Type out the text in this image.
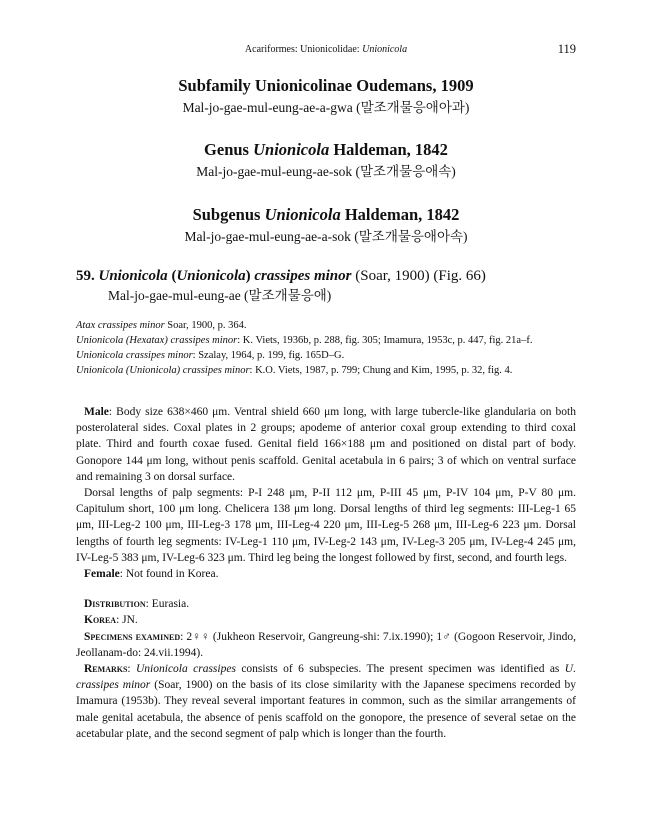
Acariformes: Unionicolidae: Unionicola	119
Subfamily Unionicolinae Oudemans, 1909
Mal-jo-gae-mul-eung-ae-a-gwa (말조개물응애아과)
Genus Unionicola Haldeman, 1842
Mal-jo-gae-mul-eung-ae-sok (말조개물응애속)
Subgenus Unionicola Haldeman, 1842
Mal-jo-gae-mul-eung-ae-a-sok (말조개물응애아속)
59. Unionicola (Unionicola) crassipes minor (Soar, 1900) (Fig. 66)
Mal-jo-gae-mul-eung-ae (말조개물응애)
Atax crassipes minor Soar, 1900, p. 364.
Unionicola (Hexatax) crassipes minor: K. Viets, 1936b, p. 288, fig. 305; Imamura, 1953c, p. 447, fig. 21a–f.
Unionicola crassipes minor: Szalay, 1964, p. 199, fig. 165D–G.
Unionicola (Unionicola) crassipes minor: K.O. Viets, 1987, p. 799; Chung and Kim, 1995, p. 32, fig. 4.

Male: Body size 638×460 μm. Ventral shield 660 μm long, with large tubercle-like glandularia on both posterolateral sides. Coxal plates in 2 groups; apodeme of anterior coxal group extending to third coxal plate. Third and fourth coxae fused. Genital field 166×188 μm and positioned on distal part of body. Gonopore 144 μm long, without penis scaffold. Genital acetabula in 6 pairs; 3 of which on ventral surface and remaining 3 on dorsal surface.

Dorsal lengths of palp segments: P-I 248 μm, P-II 112 μm, P-III 45 μm, P-IV 104 μm, P-V 80 μm. Capitulum short, 100 μm long. Chelicera 138 μm long. Dorsal lengths of third leg segments: III-Leg-1 65 μm, III-Leg-2 100 μm, III-Leg-3 178 μm, III-Leg-4 220 μm, III-Leg-5 268 μm, III-Leg-6 223 μm. Dorsal lengths of fourth leg segments: IV-Leg-1 110 μm, IV-Leg-2 143 μm, IV-Leg-3 205 μm, IV-Leg-4 245 μm, IV-Leg-5 383 μm, IV-Leg-6 323 μm. Third leg being the longest followed by first, second, and fourth legs.

Female: Not found in Korea.

Distribution: Eurasia.

Korea: JN.

Specimens examined: 2♀♀ (Jukheon Reservoir, Gangreung-shi: 7.ix.1990); 1♂ (Gogoon Reservoir, Jindo, Jeollanam-do: 24.vii.1994).

Remarks: Unionicola crassipes consists of 6 subspecies. The present specimen was identified as U. crassipes minor (Soar, 1900) on the basis of its close similarity with the Japanese specimens recorded by Imamura (1953b). They reveal several important features in common, such as the similar arrangements of male genital acetabula, the absence of penis scaffold on the gonopore, the presence of several setae on the acetabular plate, and the second segment of palp which is longer than the fourth.
